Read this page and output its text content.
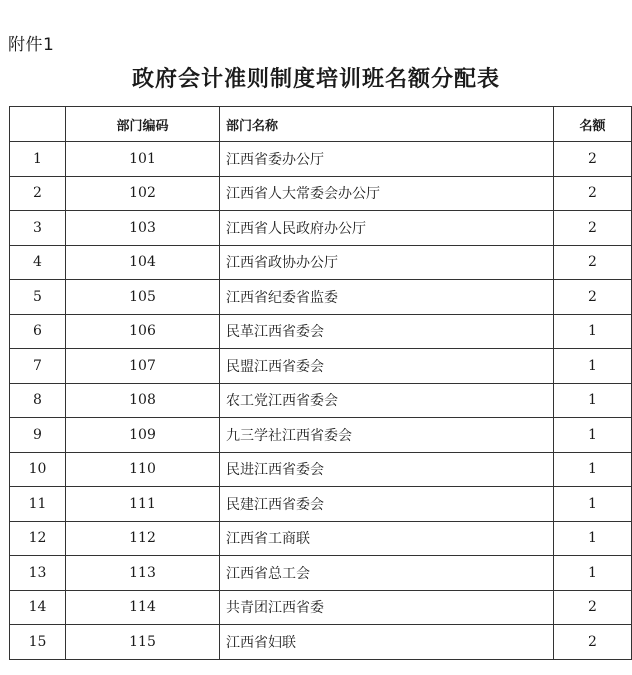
附件1
政府会计准则制度培训班名额分配表
	部门编码	部门名称	名额
1	101	江西省委办公厅	2
2	102	江西省人大常委会办公厅	2
3	103	江西省人民政府办公厅	2
4	104	江西省政协办公厅	2
5	105	江西省纪委省监委	2
6	106	民革江西省委会	1
7	107	民盟江西省委会	1
8	108	农工党江西省委会	1
9	109	九三学社江西省委会	1
10	110	民进江西省委会	1
11	111	民建江西省委会	1
12	112	江西省工商联	1
13	113	江西省总工会	1
14	114	共青团江西省委	2
15	115	江西省妇联	2
